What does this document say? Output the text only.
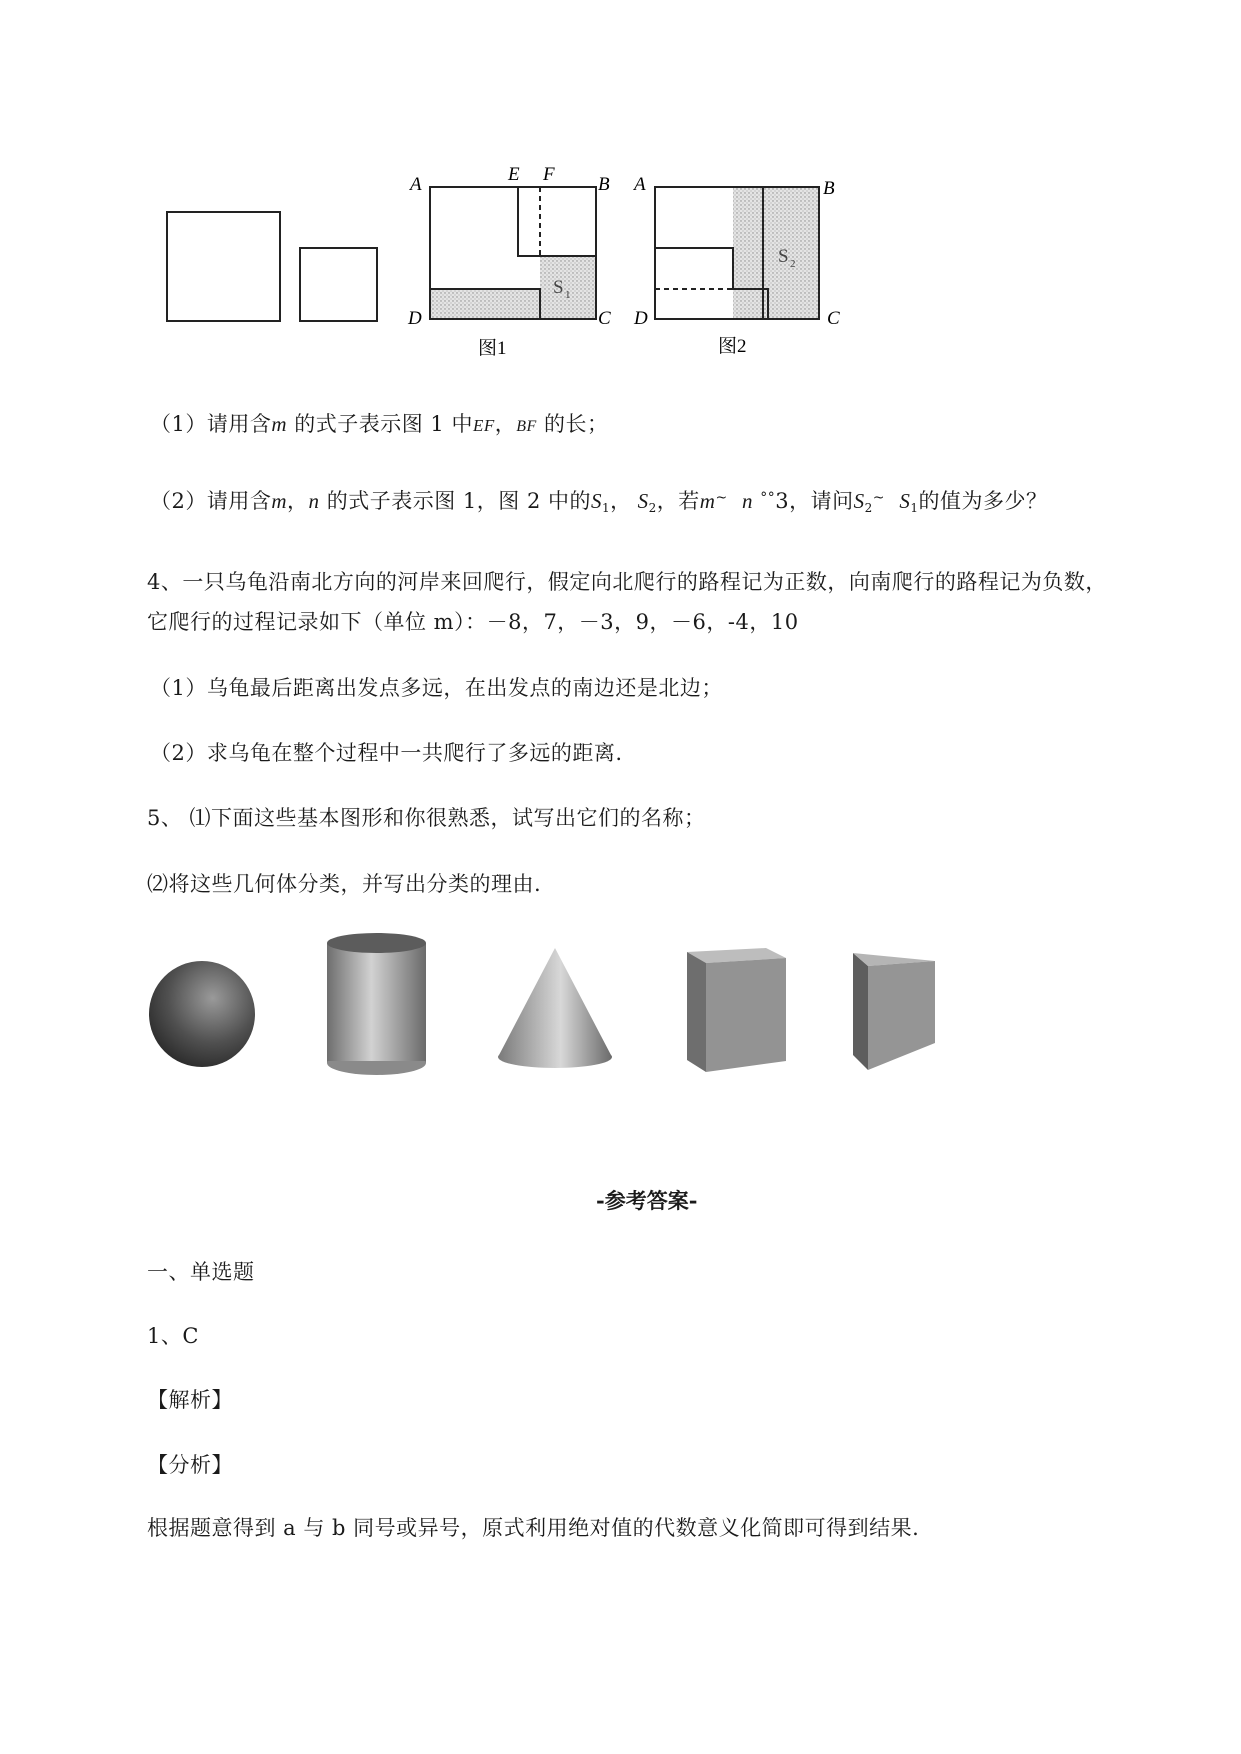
A	E F B
D	C
S 1
图1
A	B
D	C
S 2
图2
（1）请用含m 的式子表示图 1 中EF，BF 的长；
（2）请用含m，n 的式子表示图 1，图 2 中的$S_1$， $S_2$，若m~ n °°3，请问$S_2^\sim$ $S_1$的值为多少？
4、一只乌龟沿南北方向的河岸来回爬行，假定向北爬行的路程记为正数，向南爬行的路程记为负数，
它爬行的过程记录如下（单位 m）：－8，7，－3，9，－6，-4，10
（1）乌龟最后距离出发点多远，在出发点的南边还是北边；
（2）求乌龟在整个过程中一共爬行了多远的距离.
5、 ⑴下面这些基本图形和你很熟悉，试写出它们的名称；
⑵将这些几何体分类，并写出分类的理由.
-参考答案-
一、单选题
1、C
【解析】
【分析】
根据题意得到 a 与 b 同号或异号，原式利用绝对值的代数意义化简即可得到结果.
